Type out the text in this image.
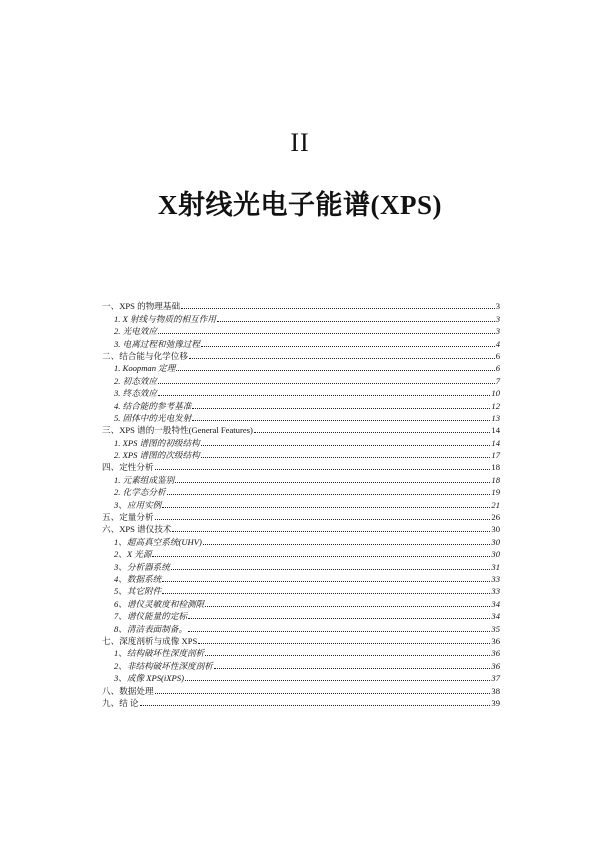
II
X射线光电子能谱(XPS)
一、XPS 的物理基础	3
1. X 射线与物质的相互作用	3
2. 光电效应	3
3. 电离过程和弛豫过程	4
二、结合能与化学位移	6
1. Koopman 定理	6
2. 初态效应	7
3. 终态效应	10
4. 结合能的参考基准	12
5. 固体中的光电发射	13
三、XPS 谱的一般特性(General Features)	14
1. XPS 谱图的初级结构	14
2. XPS 谱图的次级结构	17
四、定性分析	18
1. 元素组成鉴别	18
2. 化学态分析	19
3、应用实例	21
五、定量分析	26
六、XPS 谱仪技术	30
1、超高真空系统(UHV)	30
2、X 光源	30
3、分析器系统	31
4、数据系统	33
5、其它附件	33
6、谱仪灵敏度和检测限	34
7、谱仪能量的定标	34
8、清洁表面制备。	35
七、深度剖析与成像 XPS	36
1、结构破坏性深度剖析	36
2、非结构破坏性深度剖析	36
3、成像 XPS(iXPS)	37
八、数据处理	38
九、结 论	39
